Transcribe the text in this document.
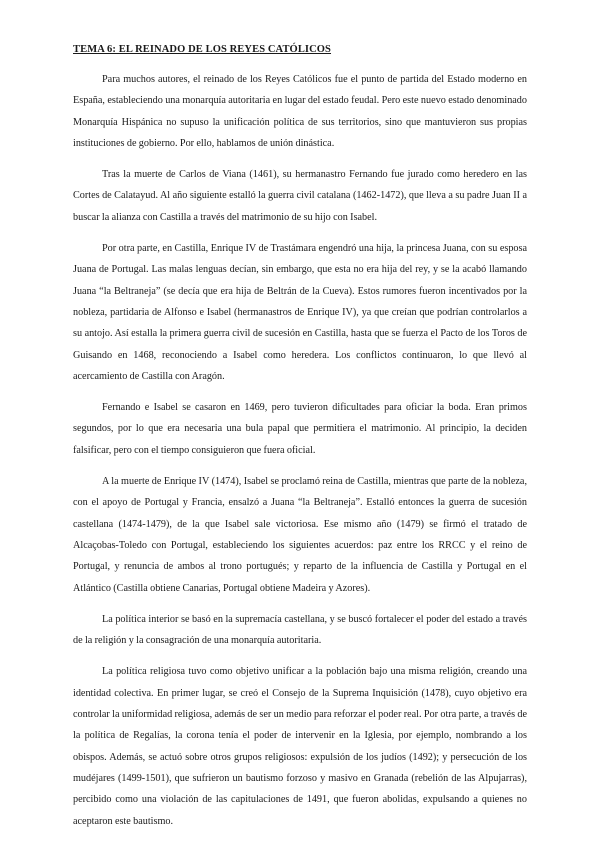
TEMA 6: EL REINADO DE LOS REYES CATÓLICOS

Para muchos autores, el reinado de los Reyes Católicos fue el punto de partida del Estado moderno en España, estableciendo una monarquía autoritaria en lugar del estado feudal. Pero este nuevo estado denominado Monarquía Hispánica no supuso la unificación política de sus territorios, sino que mantuvieron sus propias instituciones de gobierno. Por ello, hablamos de unión dinástica.

Tras la muerte de Carlos de Viana (1461), su hermanastro Fernando fue jurado como heredero en las Cortes de Calatayud. Al año siguiente estalló la guerra civil catalana (1462-1472), que lleva a su padre Juan II a buscar la alianza con Castilla a través del matrimonio de su hijo con Isabel.

Por otra parte, en Castilla, Enrique IV de Trastámara engendró una hija, la princesa Juana, con su esposa Juana de Portugal. Las malas lenguas decían, sin embargo, que esta no era hija del rey, y se la acabó llamando Juana “la Beltraneja” (se decía que era hija de Beltrán de la Cueva). Estos rumores fueron incentivados por la nobleza, partidaria de Alfonso e Isabel (hermanastros de Enrique IV), ya que creían que podrían controlarlos a su antojo. Así estalla la primera guerra civil de sucesión en Castilla, hasta que se fuerza el Pacto de los Toros de Guisando en 1468, reconociendo a Isabel como heredera. Los conflictos continuaron, lo que llevó al acercamiento de Castilla con Aragón.

Fernando e Isabel se casaron en 1469, pero tuvieron dificultades para oficiar la boda. Eran primos segundos, por lo que era necesaria una bula papal que permitiera el matrimonio. Al principio, la deciden falsificar, pero con el tiempo consiguieron que fuera oficial.

A la muerte de Enrique IV (1474), Isabel se proclamó reina de Castilla, mientras que parte de la nobleza, con el apoyo de Portugal y Francia, ensalzó a Juana “la Beltraneja”. Estalló entonces la guerra de sucesión castellana (1474-1479), de la que Isabel sale victoriosa. Ese mismo año (1479) se firmó el tratado de Alcaçobas-Toledo con Portugal, estableciendo los siguientes acuerdos: paz entre los RRCC y el reino de Portugal, y renuncia de ambos al trono portugués; y reparto de la influencia de Castilla y Portugal en el Atlántico (Castilla obtiene Canarias, Portugal obtiene Madeira y Azores).

La política interior se basó en la supremacía castellana, y se buscó fortalecer el poder del estado a través de la religión y la consagración de una monarquía autoritaria.

La política religiosa tuvo como objetivo unificar a la población bajo una misma religión, creando una identidad colectiva. En primer lugar, se creó el Consejo de la Suprema Inquisición (1478), cuyo objetivo era controlar la uniformidad religiosa, además de ser un medio para reforzar el poder real. Por otra parte, a través de la política de Regalías, la corona tenía el poder de intervenir en la Iglesia, por ejemplo, nombrando a los obispos. Además, se actuó sobre otros grupos religiosos: expulsión de los judíos (1492); y persecución de los mudéjares (1499-1501), que sufrieron un bautismo forzoso y masivo en Granada (rebelión de las Alpujarras), percibido como una violación de las capitulaciones de 1491, que fueron abolidas, expulsando a quienes no aceptaron este bautismo.
